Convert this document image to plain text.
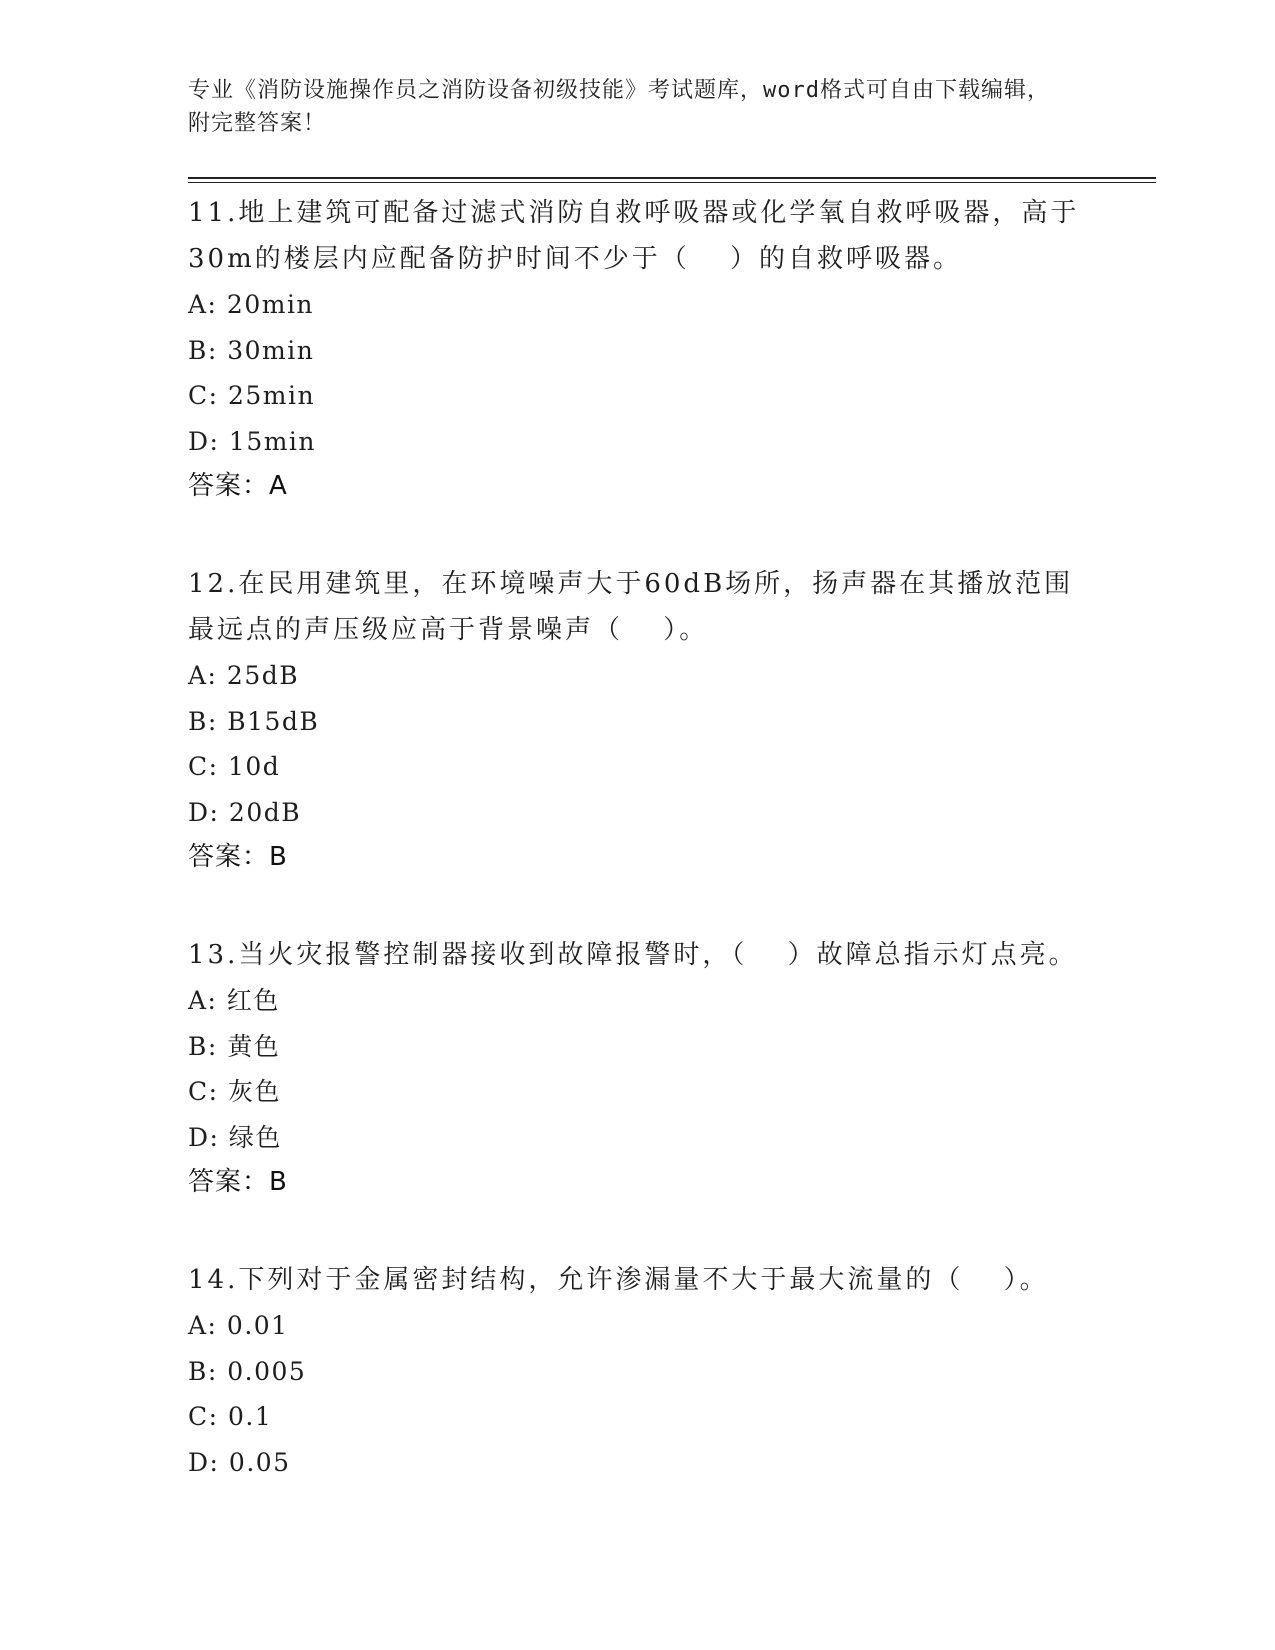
专业《消防设施操作员之消防设备初级技能》考试题库，word格式可自由下载编辑，附完整答案！
11.地上建筑可配备过滤式消防自救呼吸器或化学氧自救呼吸器，高于30m的楼层内应配备防护时间不少于（　 ）的自救呼吸器。
A: 20min
B: 30min
C: 25min
D: 15min
答案：A
12.在民用建筑里，在环境噪声大于60dB场所，扬声器在其播放范围最远点的声压级应高于背景噪声（　 ）。
A: 25dB
B: B15dB
C: 10d
D: 20dB
答案：B
13.当火灾报警控制器接收到故障报警时，（　 ）故障总指示灯点亮。
A: 红色
B: 黄色
C: 灰色
D: 绿色
答案：B
14.下列对于金属密封结构，允许渗漏量不大于最大流量的（　 ）。
A: 0.01
B: 0.005
C: 0.1
D: 0.05
